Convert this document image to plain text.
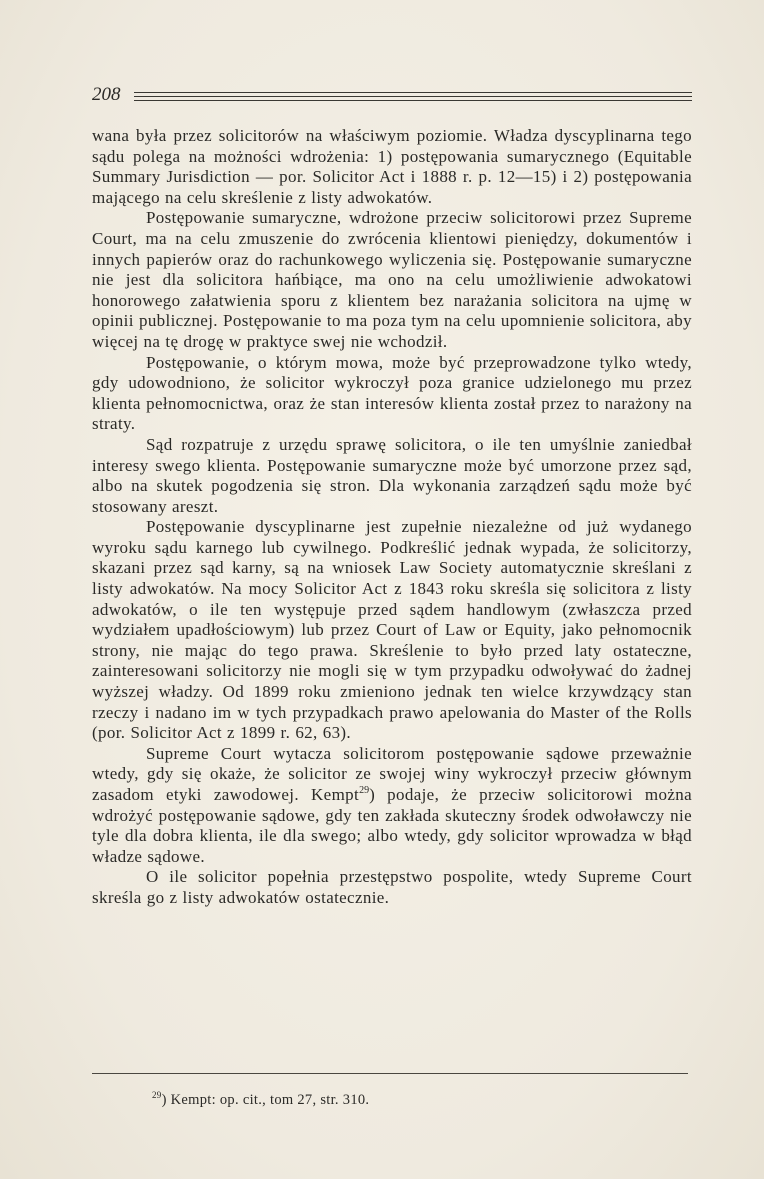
208

wana była przez solicitorów na właściwym poziomie. Władza dyscyplinarna tego sądu polega na możności wdrożenia: 1) postępowania sumarycznego (Equitable Summary Jurisdiction — por. Solicitor Act i 1888 r. p. 12—15) i 2) postępowania mającego na celu skreślenie z listy adwokatów.

Postępowanie sumaryczne, wdrożone przeciw solicitorowi przez Supreme Court, ma na celu zmuszenie do zwrócenia klientowi pieniędzy, dokumentów i innych papierów oraz do rachunkowego wyliczenia się. Postępowanie sumaryczne nie jest dla solicitora hańbiące, ma ono na celu umożliwienie adwokatowi honorowego załatwienia sporu z klientem bez narażania solicitora na ujmę w opinii publicznej. Postępowanie to ma poza tym na celu upomnienie solicitora, aby więcej na tę drogę w praktyce swej nie wchodził.

Postępowanie, o którym mowa, może być przeprowadzone tylko wtedy, gdy udowodniono, że solicitor wykroczył poza granice udzielonego mu przez klienta pełnomocnictwa, oraz że stan interesów klienta został przez to narażony na straty.

Sąd rozpatruje z urzędu sprawę solicitora, o ile ten umyślnie zaniedbał interesy swego klienta. Postępowanie sumaryczne może być umorzone przez sąd, albo na skutek pogodzenia się stron. Dla wykonania zarządzeń sądu może być stosowany areszt.

Postępowanie dyscyplinarne jest zupełnie niezależne od już wydanego wyroku sądu karnego lub cywilnego. Podkreślić jednak wypada, że solicitorzy, skazani przez sąd karny, są na wniosek Law Society automatycznie skreślani z listy adwokatów. Na mocy Solicitor Act z 1843 roku skreśla się solicitora z listy adwokatów, o ile ten występuje przed sądem handlowym (zwłaszcza przed wydziałem upadłościowym) lub przez Court of Law or Equity, jako pełnomocnik strony, nie mając do tego prawa. Skreślenie to było przed laty ostateczne, zainteresowani solicitorzy nie mogli się w tym przypadku odwoływać do żadnej wyższej władzy. Od 1899 roku zmieniono jednak ten wielce krzywdzący stan rzeczy i nadano im w tych przypadkach prawo apelowania do Master of the Rolls (por. Solicitor Act z 1899 r. 62, 63).

Supreme Court wytacza solicitorom postępowanie sądowe przeważnie wtedy, gdy się okaże, że solicitor ze swojej winy wykroczył przeciw głównym zasadom etyki zawodowej. Kempt$^{29}$) podaje, że przeciw solicitorowi można wdrożyć postępowanie sądowe, gdy ten zakłada skuteczny środek odwoławczy nie tyle dla dobra klienta, ile dla swego; albo wtedy, gdy solicitor wprowadza w błąd władze sądowe.

O ile solicitor popełnia przestępstwo pospolite, wtedy Supreme Court skreśla go z listy adwokatów ostatecznie.

$^{29}$) Kempt: op. cit., tom 27, str. 310.
